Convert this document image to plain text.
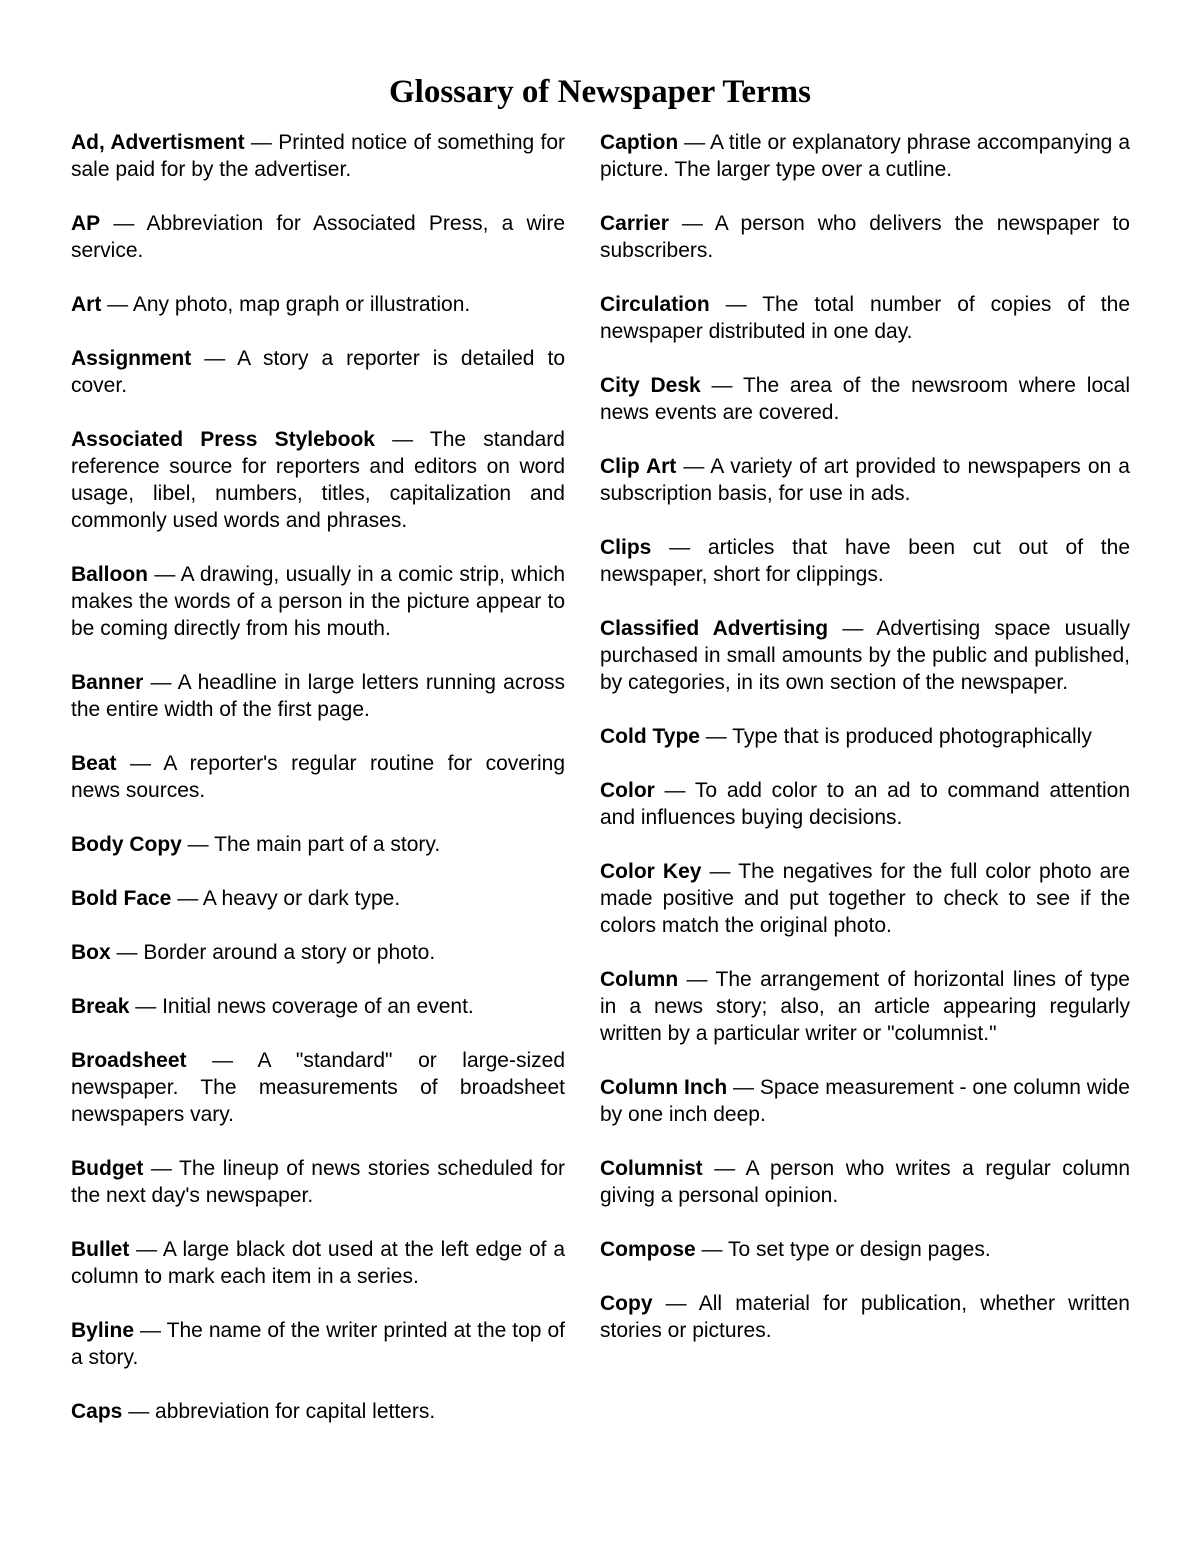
Glossary of Newspaper Terms

Ad, Advertisment — Printed notice of something for sale paid for by the advertiser.

AP — Abbreviation for Associated Press, a wire service.

Art — Any photo, map graph or illustration.

Assignment — A story a reporter is detailed to cover.

Associated Press Stylebook — The standard reference source for reporters and editors on word usage, libel, numbers, titles, capitalization and commonly used words and phrases.

Balloon — A drawing, usually in a comic strip, which makes the words of a person in the picture appear to be coming directly from his mouth.

Banner — A headline in large letters running across the entire width of the first page.

Beat — A reporter's regular routine for covering news sources.

Body Copy — The main part of a story.

Bold Face — A heavy or dark type.

Box — Border around a story or photo.

Break — Initial news coverage of an event.

Broadsheet — A "standard" or large-sized newspaper. The measurements of broadsheet newspapers vary.

Budget — The lineup of news stories scheduled for the next day's newspaper.

Bullet — A large black dot used at the left edge of a column to mark each item in a series.

Byline — The name of the writer printed at the top of a story.

Caps — abbreviation for capital letters.

Caption — A title or explanatory phrase accompanying a picture. The larger type over a cutline.

Carrier — A person who delivers the newspaper to subscribers.

Circulation — The total number of copies of the newspaper distributed in one day.

City Desk — The area of the newsroom where local news events are covered.

Clip Art — A variety of art provided to newspapers on a subscription basis, for use in ads.

Clips — articles that have been cut out of the newspaper, short for clippings.

Classified Advertising — Advertising space usually purchased in small amounts by the public and published, by categories, in its own section of the newspaper.

Cold Type — Type that is produced photographically

Color — To add color to an ad to command attention and influences buying decisions.

Color Key — The negatives for the full color photo are made positive and put together to check to see if the colors match the original photo.

Column — The arrangement of horizontal lines of type in a news story; also, an article appearing regularly written by a particular writer or "columnist."

Column Inch — Space measurement - one column wide by one inch deep.

Columnist — A person who writes a regular column giving a personal opinion.

Compose — To set type or design pages.

Copy — All material for publication, whether written stories or pictures.
